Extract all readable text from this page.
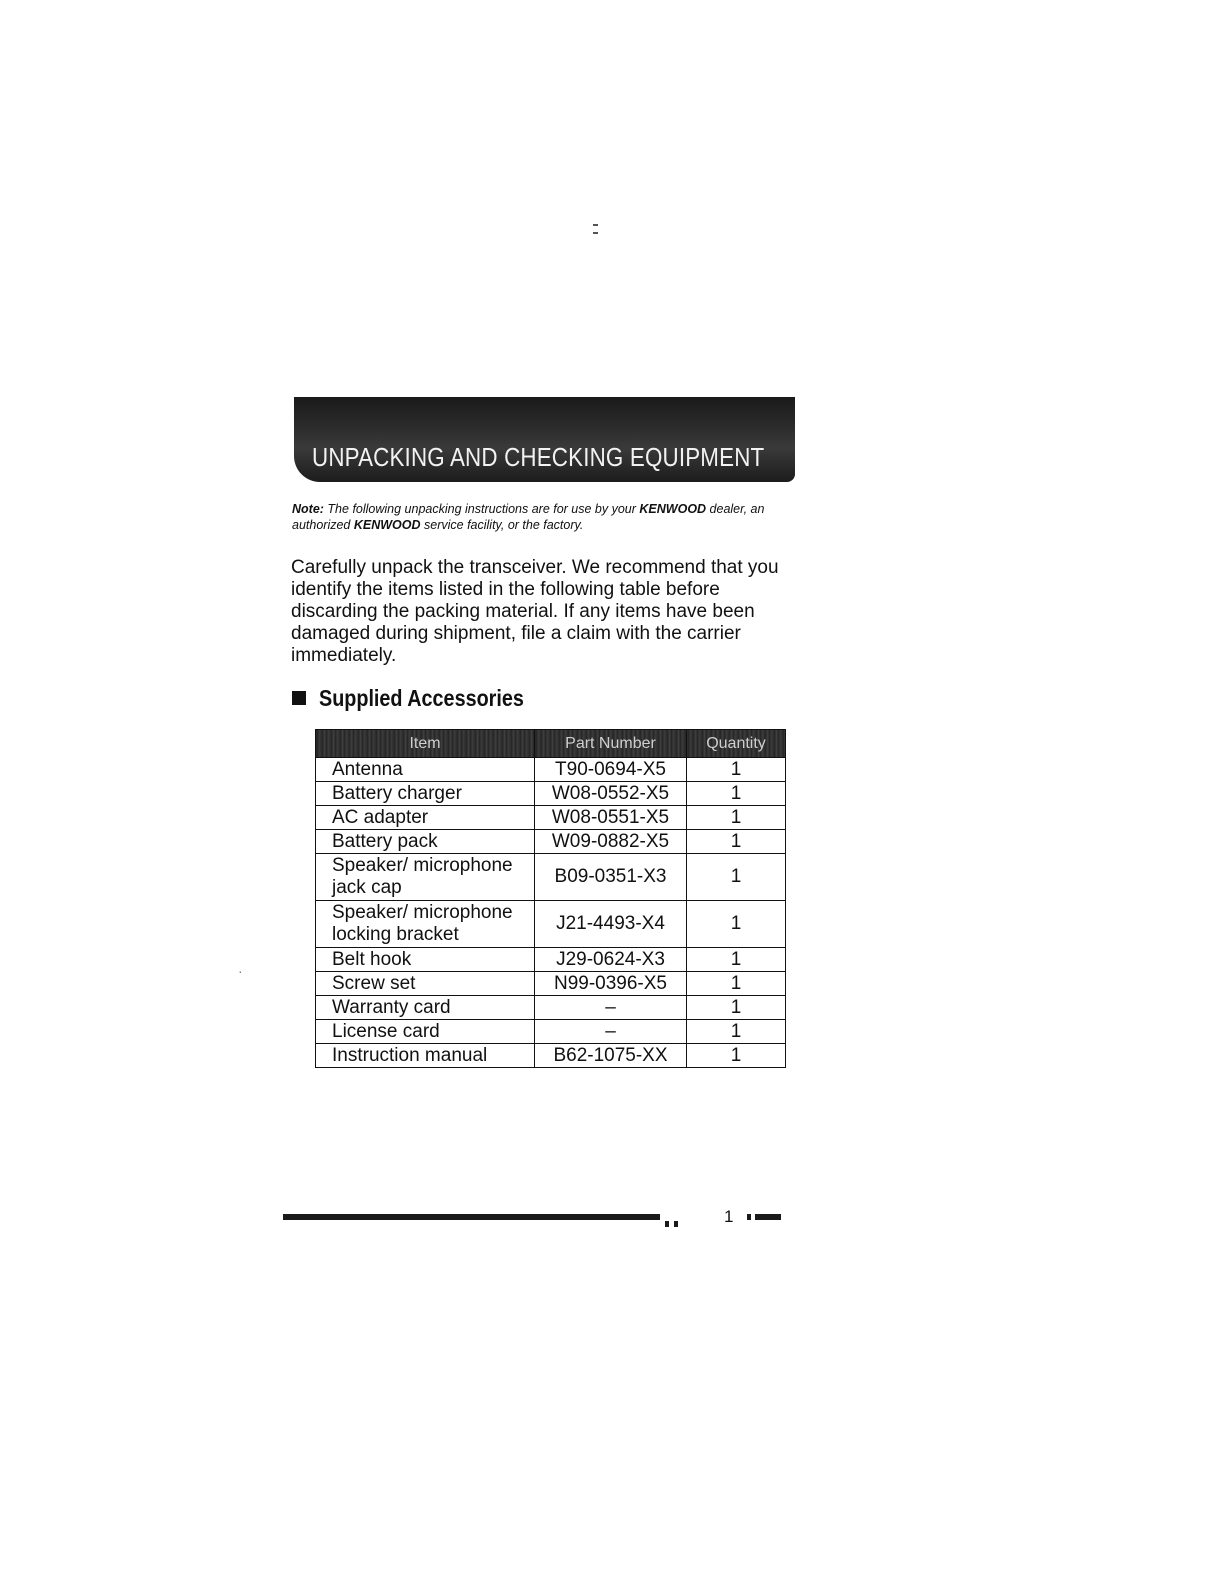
·
UNPACKING AND CHECKING EQUIPMENT
Note: The following unpacking instructions are for use by your KENWOOD dealer, an authorized KENWOOD service facility, or the factory.
Carefully unpack the transceiver. We recommend that you identify the items listed in the following table before discarding the packing material. If any items have been damaged during shipment, file a claim with the carrier immediately.
Supplied Accessories
Item	Part Number	Quantity
Antenna	T90-0694-X5	1
Battery charger	W08-0552-X5	1
AC adapter	W08-0551-X5	1
Battery pack	W09-0882-X5	1
Speaker/ microphone
jack cap	B09-0351-X3	1
Speaker/ microphone
locking bracket	J21-4493-X4	1
Belt hook	J29-0624-X3	1
Screw set	N99-0396-X5	1
Warranty card	–	1
License card	–	1
Instruction manual	B62-1075-XX	1
1
